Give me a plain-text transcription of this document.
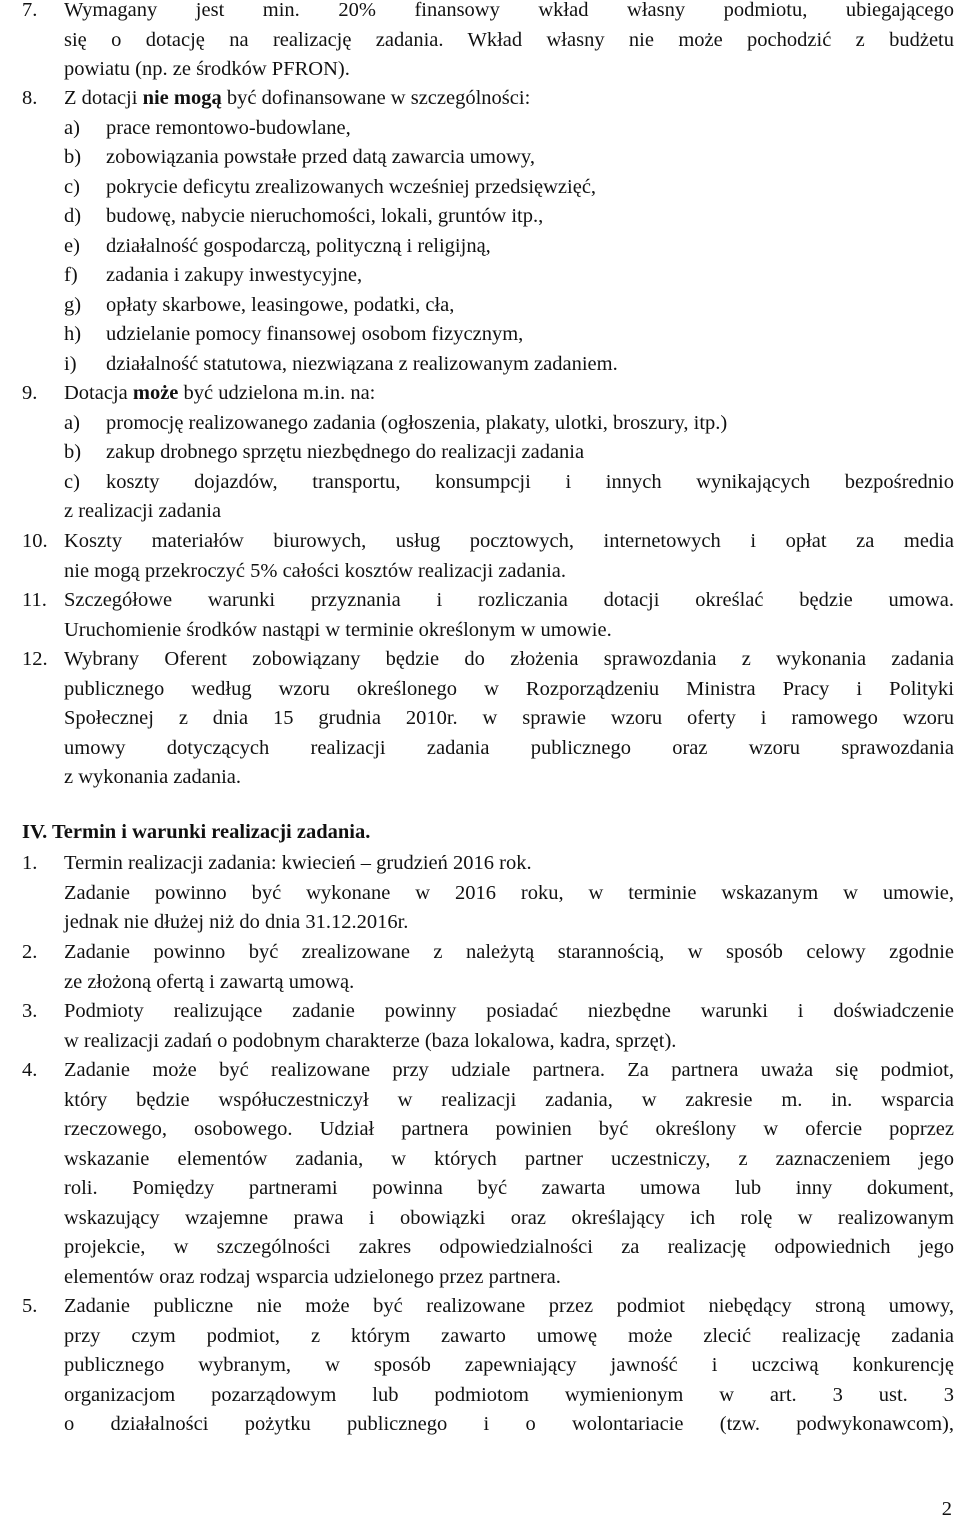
7. Wymagany jest min. 20% finansowy wkład własny podmiotu, ubiegającego
się o dotację na realizację zadania. Wkład własny nie może pochodzić z budżetu
powiatu (np. ze środków PFRON).
8. Z dotacji nie mogą być dofinansowane w szczególności:
a) prace remontowo-budowlane,
b) zobowiązania powstałe przed datą zawarcia umowy,
c) pokrycie deficytu zrealizowanych wcześniej przedsięwzięć,
d) budowę, nabycie nieruchomości, lokali, gruntów itp.,
e) działalność gospodarczą, polityczną i religijną,
f) zadania i zakupy inwestycyjne,
g) opłaty skarbowe, leasingowe, podatki, cła,
h) udzielanie pomocy finansowej osobom fizycznym,
i) działalność statutowa, niezwiązana z realizowanym zadaniem.
9. Dotacja może być udzielona m.in. na:
a) promocję realizowanego zadania (ogłoszenia, plakaty, ulotki, broszury, itp.)
b) zakup drobnego sprzętu niezbędnego do realizacji zadania
c) koszty dojazdów, transportu, konsumpcji i innych wynikających bezpośrednio
z realizacji zadania
10. Koszty materiałów biurowych, usług pocztowych, internetowych i opłat za media
nie mogą przekroczyć 5% całości kosztów realizacji zadania.
11. Szczegółowe warunki przyznania i rozliczania dotacji określać będzie umowa.
Uruchomienie środków nastąpi w terminie określonym w umowie.
12. Wybrany Oferent zobowiązany będzie do złożenia sprawozdania z wykonania zadania
publicznego według wzoru określonego w Rozporządzeniu Ministra Pracy i Polityki
Społecznej z dnia 15 grudnia 2010r. w sprawie wzoru oferty i ramowego wzoru
umowy dotyczących realizacji zadania publicznego oraz wzoru sprawozdania
z wykonania zadania.
IV. Termin i warunki realizacji zadania.
1. Termin realizacji zadania: kwiecień – grudzień 2016 rok.
Zadanie powinno być wykonane w 2016 roku, w terminie wskazanym w umowie,
jednak nie dłużej niż do dnia 31.12.2016r.
2. Zadanie powinno być zrealizowane z należytą starannością, w sposób celowy zgodnie
ze złożoną ofertą i zawartą umową.
3. Podmioty realizujące zadanie powinny posiadać niezbędne warunki i doświadczenie
w realizacji zadań o podobnym charakterze (baza lokalowa, kadra, sprzęt).
4. Zadanie może być realizowane przy udziale partnera. Za partnera uważa się podmiot,
który będzie współuczestniczył w realizacji zadania, w zakresie m. in. wsparcia
rzeczowego, osobowego. Udział partnera powinien być określony w ofercie poprzez
wskazanie elementów zadania, w których partner uczestniczy, z zaznaczeniem jego
roli. Pomiędzy partnerami powinna być zawarta umowa lub inny dokument,
wskazujący wzajemne prawa i obowiązki oraz określający ich rolę w realizowanym
projekcie, w szczególności zakres odpowiedzialności za realizację odpowiednich jego
elementów oraz rodzaj wsparcia udzielonego przez partnera.
5. Zadanie publiczne nie może być realizowane przez podmiot niebędący stroną umowy,
przy czym podmiot, z którym zawarto umowę może zlecić realizację zadania
publicznego wybranym, w sposób zapewniający jawność i uczciwą konkurencję
organizacjom pozarządowym lub podmiotom wymienionym w art. 3 ust. 3
o działalności pożytku publicznego i o wolontariacie (tzw. podwykonawcom),
2
